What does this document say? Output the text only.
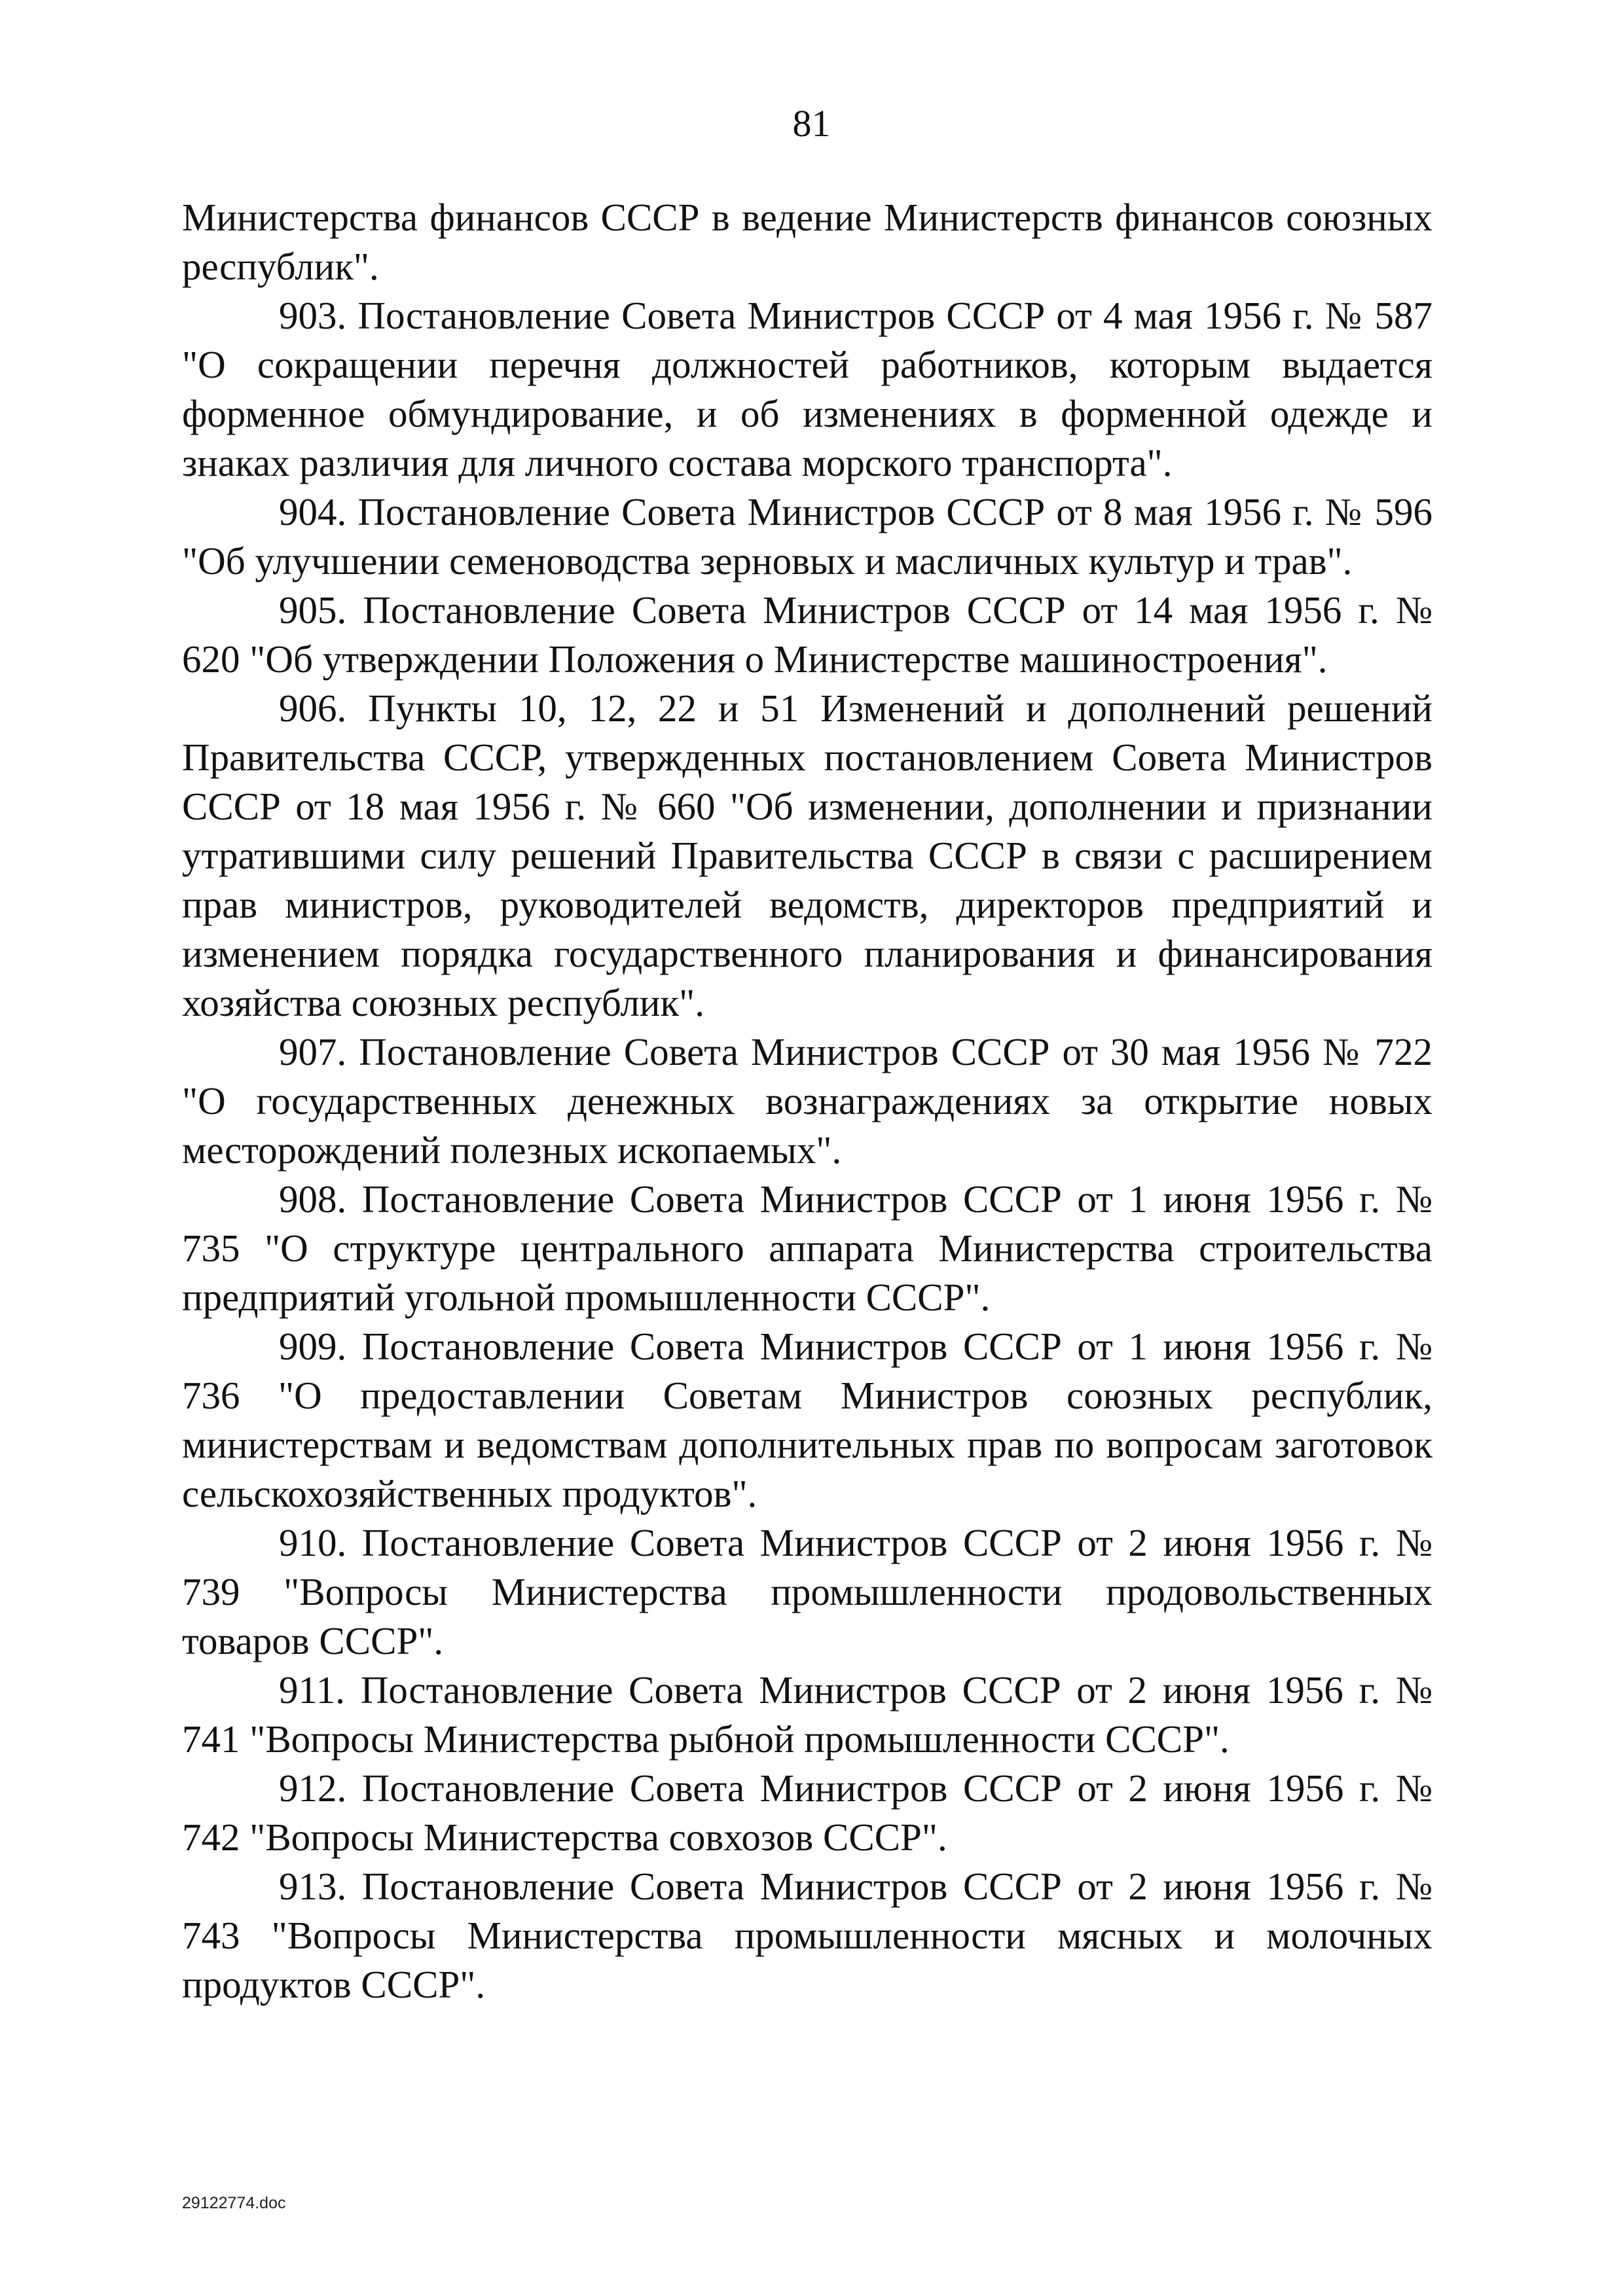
81

Министерства финансов СССР в ведение Министерств финансов союзных республик".

903. Постановление Совета Министров СССР от 4 мая 1956 г. № 587 "О сокращении перечня должностей работников, которым выдается форменное обмундирование, и об изменениях в форменной одежде и знаках различия для личного состава морского транспорта".

904. Постановление Совета Министров СССР от 8 мая 1956 г. № 596 "Об улучшении семеноводства зерновых и масличных культур и трав".

905. Постановление Совета Министров СССР от 14 мая 1956 г. № 620 "Об утверждении Положения о Министерстве машиностроения".

906. Пункты 10, 12, 22 и 51 Изменений и дополнений решений Правительства СССР, утвержденных постановлением Совета Министров СССР от 18 мая 1956 г. № 660 "Об изменении, дополнении и признании утратившими силу решений Правительства СССР в связи с расширением прав министров, руководителей ведомств, директоров предприятий и изменением порядка государственного планирования и финансирования хозяйства союзных республик".

907. Постановление Совета Министров СССР от 30 мая 1956 № 722 "О государственных денежных вознаграждениях за открытие новых месторождений полезных ископаемых".

908. Постановление Совета Министров СССР от 1 июня 1956 г. № 735 "О структуре центрального аппарата Министерства строительства предприятий угольной промышленности СССР".

909. Постановление Совета Министров СССР от 1 июня 1956 г. № 736 "О предоставлении Советам Министров союзных республик, министерствам и ведомствам дополнительных прав по вопросам заготовок сельскохозяйственных продуктов".

910. Постановление Совета Министров СССР от 2 июня 1956 г. № 739 "Вопросы Министерства промышленности продовольственных товаров СССР".

911. Постановление Совета Министров СССР от 2 июня 1956 г. № 741 "Вопросы Министерства рыбной промышленности СССР".

912. Постановление Совета Министров СССР от 2 июня 1956 г. № 742 "Вопросы Министерства совхозов СССР".

913. Постановление Совета Министров СССР от 2 июня 1956 г. № 743 "Вопросы Министерства промышленности мясных и молочных продуктов СССР".

29122774.doc
